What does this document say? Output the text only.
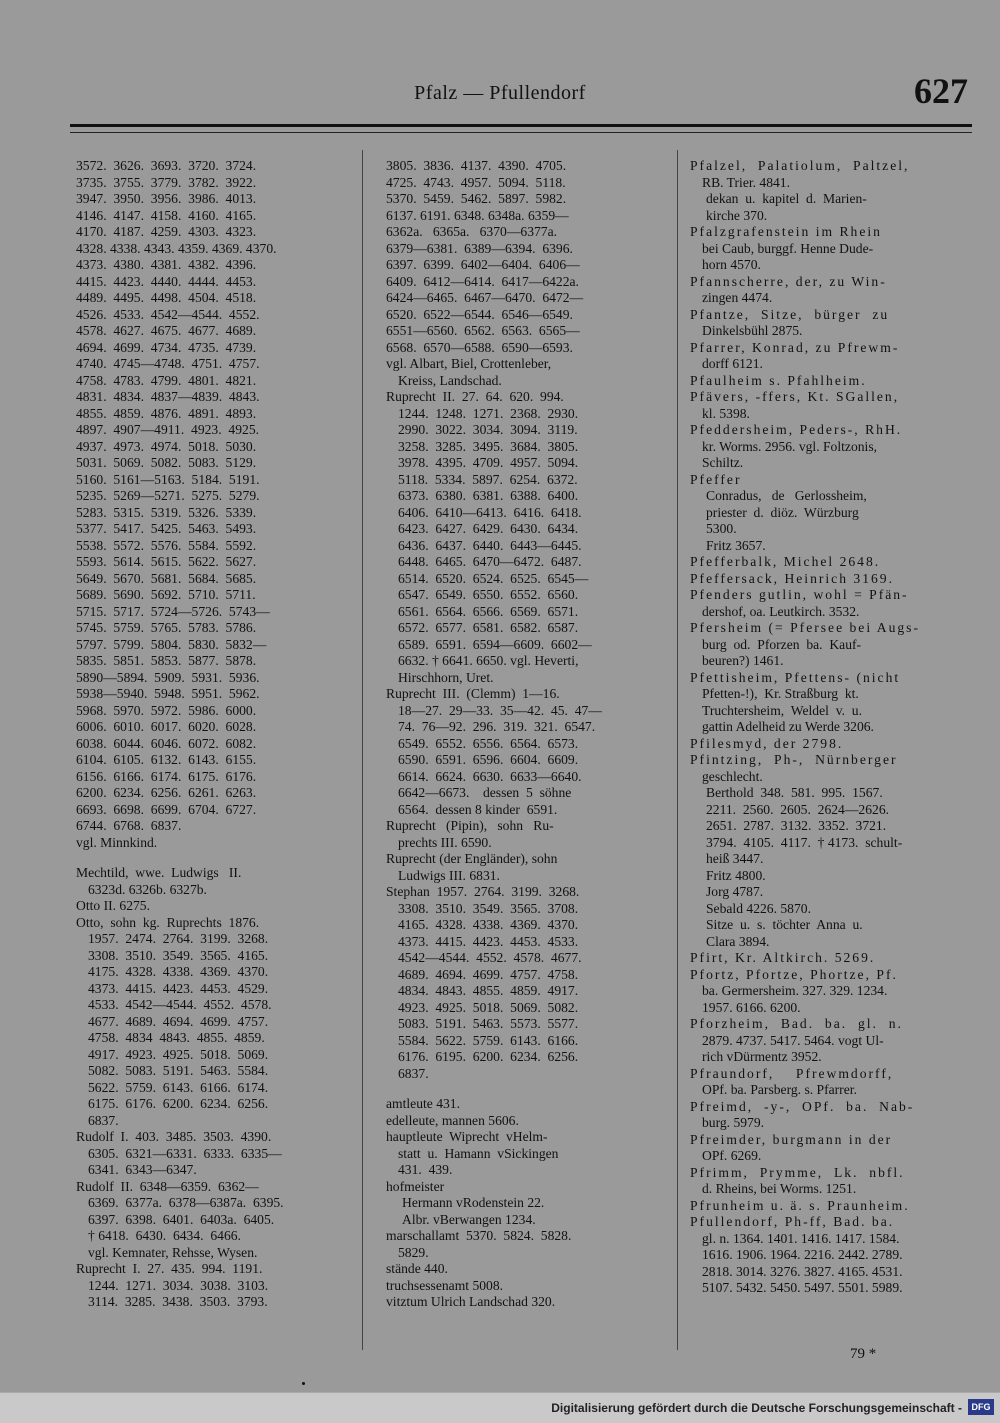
Pfalz — Pfullendorf	627
3572.  3626.  3693.  3720.  3724.
3735.  3755.  3779.  3782.  3922.
3947.  3950.  3956.  3986.  4013.
4146.  4147.  4158.  4160.  4165.
4170.  4187.  4259.  4303.  4323.
4328. 4338. 4343. 4359. 4369. 4370.
4373.  4380.  4381.  4382.  4396.
4415.  4423.  4440.  4444.  4453.
4489.  4495.  4498.  4504.  4518.
4526.  4533.  4542—4544.  4552.
4578.  4627.  4675.  4677.  4689.
4694.  4699.  4734.  4735.  4739.
4740.  4745—4748.  4751.  4757.
4758.  4783.  4799.  4801.  4821.
4831.  4834.  4837—4839.  4843.
4855.  4859.  4876.  4891.  4893.
4897.  4907—4911.  4923.  4925.
4937.  4973.  4974.  5018.  5030.
5031.  5069.  5082.  5083.  5129.
5160.  5161—5163.  5184.  5191.
5235.  5269—5271.  5275.  5279.
5283.  5315.  5319.  5326.  5339.
5377.  5417.  5425.  5463.  5493.
5538.  5572.  5576.  5584.  5592.
5593.  5614.  5615.  5622.  5627.
5649.  5670.  5681.  5684.  5685.
5689.  5690.  5692.  5710.  5711.
5715.  5717.  5724—5726.  5743—
5745.  5759.  5765.  5783.  5786.
5797.  5799.  5804.  5830.  5832—
5835.  5851.  5853.  5877.  5878.
5890—5894.  5909.  5931.  5936.
5938—5940.  5948.  5951.  5962.
5968.  5970.  5972.  5986.  6000.
6006.  6010.  6017.  6020.  6028.
6038.  6044.  6046.  6072.  6082.
6104.  6105.  6132.  6143.  6155.
6156.  6166.  6174.  6175.  6176.
6200.  6234.  6256.  6261.  6263.
6693.  6698.  6699.  6704.  6727.
6744.  6768.  6837.
vgl. Minnkind.
Mechtild,  wwe.  Ludwigs   II.
6323d. 6326b. 6327b.
Otto II. 6275.
Otto,  sohn  kg.  Ruprechts  1876.
1957.  2474.  2764.  3199.  3268.
3308.  3510.  3549.  3565.  4165.
4175.  4328.  4338.  4369.  4370.
4373.  4415.  4423.  4453.  4529.
4533.  4542—4544.  4552.  4578.
4677.  4689.  4694.  4699.  4757.
4758.  4834  4843.  4855.  4859.
4917.  4923.  4925.  5018.  5069.
5082.  5083.  5191.  5463.  5584.
5622.  5759.  6143.  6166.  6174.
6175.  6176.  6200.  6234.  6256.
6837.
Rudolf  I.  403.  3485.  3503.  4390.
6305.  6321—6331.  6333.  6335—
6341.  6343—6347.
Rudolf  II.  6348—6359.  6362—
6369.  6377a.  6378—6387a.  6395.
6397.  6398.  6401.  6403a.  6405.
† 6418.  6430.  6434.  6466.
vgl. Kemnater, Rehsse, Wysen.
Ruprecht  I.  27.  435.  994.  1191.
1244.  1271.  3034.  3038.  3103.
3114.  3285.  3438.  3503.  3793.
3805.  3836.  4137.  4390.  4705.
4725.  4743.  4957.  5094.  5118.
5370.  5459.  5462.  5897.  5982.
6137. 6191. 6348. 6348a. 6359—
6362a.   6365a.   6370—6377a.
6379—6381.  6389—6394.  6396.
6397.  6399.  6402—6404.  6406—
6409.  6412—6414.  6417—6422a.
6424—6465.  6467—6470.  6472—
6520.  6522—6544.  6546—6549.
6551—6560.  6562.  6563.  6565—
6568.  6570—6588.  6590—6593.
vgl. Albart, Biel, Crottenleber,
Kreiss, Landschad.
Ruprecht  II.  27.  64.  620.  994.
1244.  1248.  1271.  2368.  2930.
2990.  3022.  3034.  3094.  3119.
3258.  3285.  3495.  3684.  3805.
3978.  4395.  4709.  4957.  5094.
5118.  5334.  5897.  6254.  6372.
6373.  6380.  6381.  6388.  6400.
6406.  6410—6413.  6416.  6418.
6423.  6427.  6429.  6430.  6434.
6436.  6437.  6440.  6443—6445.
6448.  6465.  6470—6472.  6487.
6514.  6520.  6524.  6525.  6545—
6547.  6549.  6550.  6552.  6560.
6561.  6564.  6566.  6569.  6571.
6572.  6577.  6581.  6582.  6587.
6589.  6591.  6594—6609.  6602—
6632. † 6641. 6650. vgl. Heverti,
Hirschhorn, Uret.
Ruprecht  III.  (Clemm)  1—16.
18—27.  29—33.  35—42.  45.  47—
74.  76—92.  296.  319.  321.  6547.
6549.  6552.  6556.  6564.  6573.
6590.  6591.  6596.  6604.  6609.
6614.  6624.  6630.  6633—6640.
6642—6673.    dessen  5  söhne
6564.  dessen 8 kinder  6591.
Ruprecht   (Pipin),   sohn   Ru-
prechts III. 6590.
Ruprecht (der Engländer), sohn
Ludwigs III. 6831.
Stephan  1957.  2764.  3199.  3268.
3308.  3510.  3549.  3565.  3708.
4165.  4328.  4338.  4369.  4370.
4373.  4415.  4423.  4453.  4533.
4542—4544.  4552.  4578.  4677.
4689.  4694.  4699.  4757.  4758.
4834.  4843.  4855.  4859.  4917.
4923.  4925.  5018.  5069.  5082.
5083.  5191.  5463.  5573.  5577.
5584.  5622.  5759.  6143.  6166.
6176.  6195.  6200.  6234.  6256.
6837.
amtleute 431.
edelleute, mannen 5606.
hauptleute  Wiprecht  vHelm-
statt  u.  Hamann  vSickingen
431.  439.
hofmeister
Hermann vRodenstein 22.
Albr. vBerwangen 1234.
marschallamt  5370.  5824.  5828.
5829.
stände 440.
truchsessenamt 5008.
vitztum Ulrich Landschad 320.
Pfalzel,  Palatiolum,  Paltzel,
RB. Trier. 4841.
dekan  u.  kapitel  d.  Marien-
kirche 370.
Pfalzgrafenstein im Rhein
bei Caub, burggf. Henne Dude-
horn 4570.
Pfannscherre, der, zu Win-
zingen 4474.
Pfantze,  Sitze,  bürger  zu
Dinkelsbühl 2875.
Pfarrer, Konrad, zu Pfrewm-
dorff 6121.
Pfaulheim s. Pfahlheim.
Pfävers, -ffers, Kt. SGallen,
kl. 5398.
Pfeddersheim, Peders-, RhH.
kr. Worms. 2956. vgl. Foltzonis,
Schiltz.
Pfeffer
Conradus,   de   Gerlossheim,
priester  d.  diöz.  Würzburg
5300.
Fritz 3657.
Pfefferbalk, Michel 2648.
Pfeffersack, Heinrich 3169.
Pfenders gutlin, wohl = Pfän-
dershof, oa. Leutkirch. 3532.
Pfersheim (= Pfersee bei Augs-
burg  od.  Pforzen  ba.  Kauf-
beuren?) 1461.
Pfettisheim, Pfettens- (nicht
Pfetten-!),  Kr. Straßburg  kt.
Truchtersheim,  Weldel  v.  u.
gattin Adelheid zu Werde 3206.
Pfilesmyd, der 2798.
Pfintzing,  Ph-,  Nürnberger
geschlecht.
Berthold  348.  581.  995.  1567.
2211.  2560.  2605.  2624—2626.
2651.  2787.  3132.  3352.  3721.
3794.  4105.  4117.  † 4173.  schult-
heiß 3447.
Fritz 4800.
Jorg 4787.
Sebald 4226. 5870.
Sitze  u.  s.  töchter  Anna  u.
Clara 3894.
Pfirt, Kr. Altkirch. 5269.
Pfortz, Pfortze, Phortze, Pf.
ba. Germersheim. 327. 329. 1234.
1957. 6166. 6200.
Pforzheim,  Bad.  ba.  gl.  n.
2879. 4737. 5417. 5464. vogt Ul-
rich vDürmentz 3952.
Pfraundorf,    Pfrewmdorff,
OPf. ba. Parsberg. s. Pfarrer.
Pfreimd,  -y-,  OPf.  ba.  Nab-
burg. 5979.
Pfreimder, burgmann in der
OPf. 6269.
Pfrimm,  Prymme,  Lk.  nbfl.
d. Rheins, bei Worms. 1251.
Pfrunheim u. ä. s. Praunheim.
Pfullendorf, Ph-ff, Bad. ba.
gl. n. 1364. 1401. 1416. 1417. 1584.
1616. 1906. 1964. 2216. 2442. 2789.
2818. 3014. 3276. 3827. 4165. 4531.
5107. 5432. 5450. 5497. 5501. 5989.
79 *
Digitalisierung gefördert durch die Deutsche Forschungsgemeinschaft -	DFG
